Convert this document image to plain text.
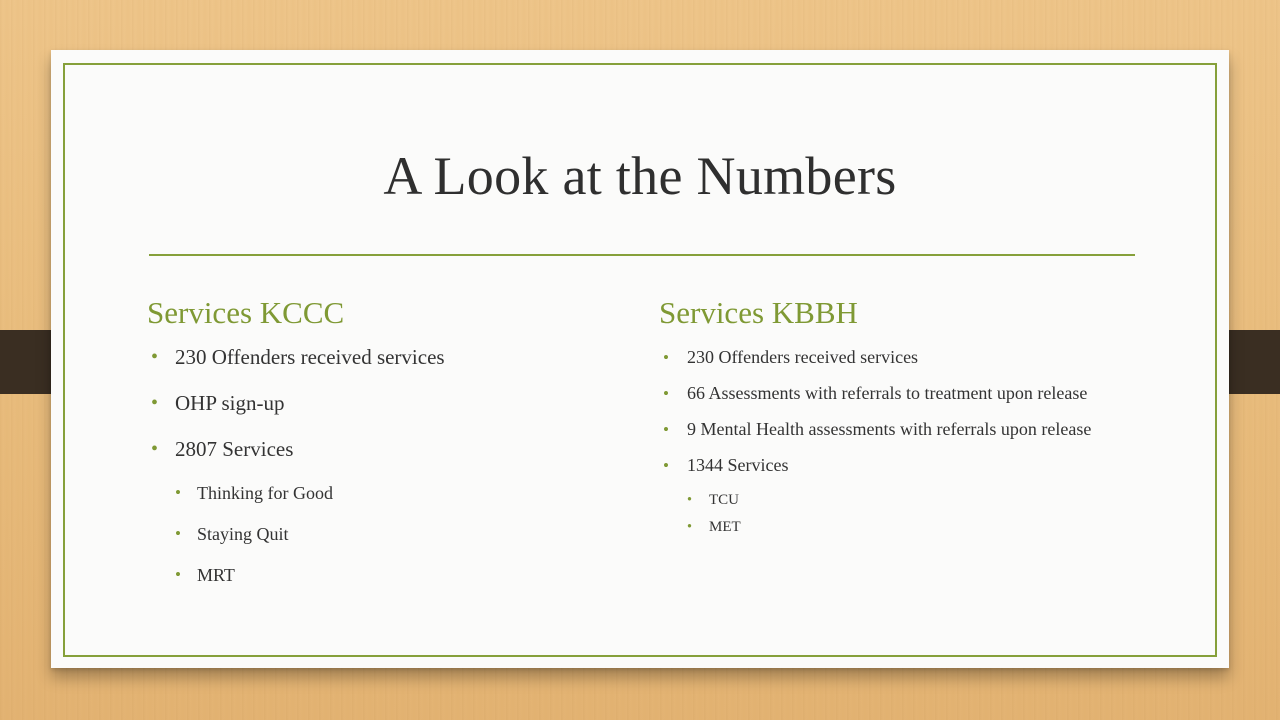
A Look at the Numbers
Services KCCC
• 230 Offenders received services
• OHP sign-up
• 2807 Services
• Thinking for Good
• Staying Quit
• MRT
Services KBBH
• 230 Offenders received services
• 66 Assessments with referrals to treatment upon release
• 9 Mental Health assessments with referrals upon release
• 1344 Services
• TCU
• MET
